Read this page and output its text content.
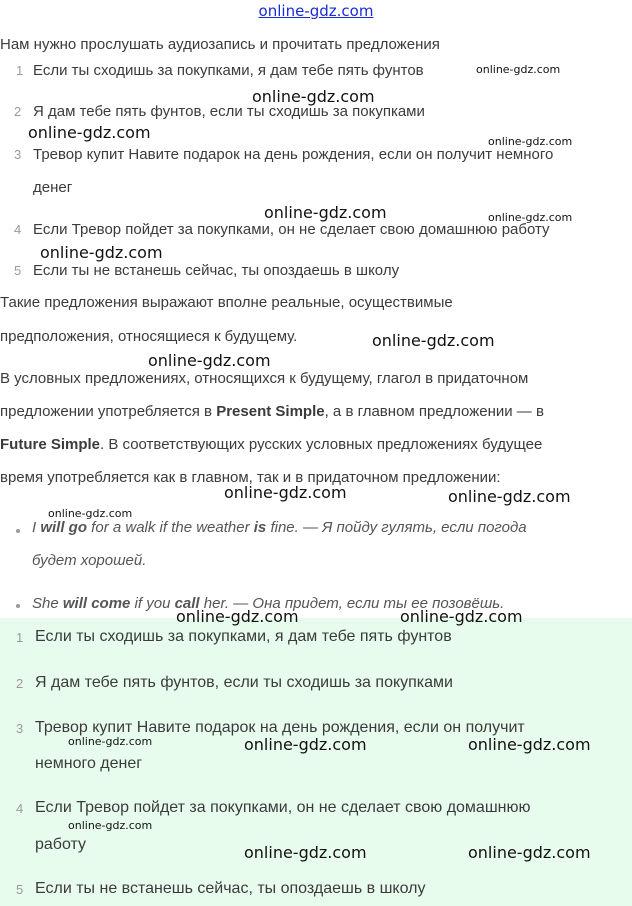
online-gdz.com
Нам нужно прослушать аудиозапись и прочитать предложения
1 Если ты сходишь за покупками, я дам тебе пять фунтов
2 Я дам тебе пять фунтов, если ты сходишь за покупками
3 Тревор купит Навите подарок на день рождения, если он получит немного
денег
4 Если Тревор пойдет за покупками, он не сделает свою домашнюю работу
5 Если ты не встанешь сейчас, ты опоздаешь в школу
Такие предложения выражают вполне реальные, осуществимые
предположения, относящиеся к будущему.
В условных предложениях, относящихся к будущему, глагол в придаточном
предложении употребляется в Present Simple, а в главном предложении — в
Future Simple. В соответствующих русских условных предложениях будущее
время употребляется как в главном, так и в придаточном предложении:
I will go for a walk if the weather is fine. — Я пойду гулять, если погода
будет хорошей.
She will come if you call her. — Она придет, если ты ее позовёшь.
1 Если ты сходишь за покупками, я дам тебе пять фунтов
2 Я дам тебе пять фунтов, если ты сходишь за покупками
3 Тревор купит Навите подарок на день рождения, если он получит
немного денег
4 Если Тревор пойдет за покупками, он не сделает свою домашнюю
работу
5 Если ты не встанешь сейчас, ты опоздаешь в школу
online-gdz.com
online-gdz.com
online-gdz.com	online-gdz.com
online-gdz.com	online-gdz.com
online-gdz.com
online-gdz.com
online-gdz.com
online-gdz.com	online-gdz.com
online-gdz.com
online-gdz.com	online-gdz.com
online-gdz.com	online-gdz.com	online-gdz.com
online-gdz.com
online-gdz.com	online-gdz.com
